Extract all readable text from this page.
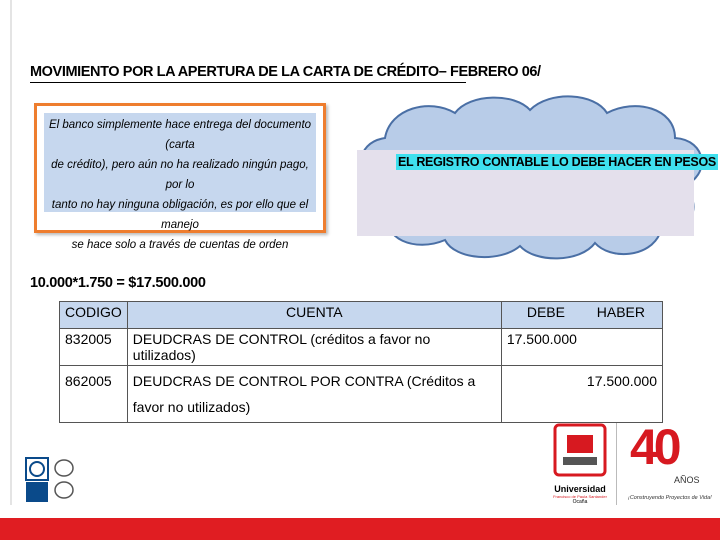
MOVIMIENTO POR LA APERTURA DE LA CARTA DE CRÉDITO– FEBRERO 06/
El banco simplemente hace entrega del documento (carta
de crédito), pero aún no ha realizado ningún pago, por lo
tanto no hay ninguna obligación, es por ello que el manejo
se hace solo a través de cuentas de orden
EL REGISTRO CONTABLE LO DEBE HACER EN PESOS
10.000*1.750 = $17.500.000
CODIGO	CUENTA	DEBE HABER	

832005	DEUDCRAS DE CONTROL (créditos a favor no utilizados)	17.500.000	
862005	DEUDCRAS DE CONTROL POR CONTRA (Créditos a favor no utilizados)		17.500.000
Universidad
Francisco de Paula Santander
Ocaña
40
AÑOS
¡Construyendo Proyectos de Vida!
